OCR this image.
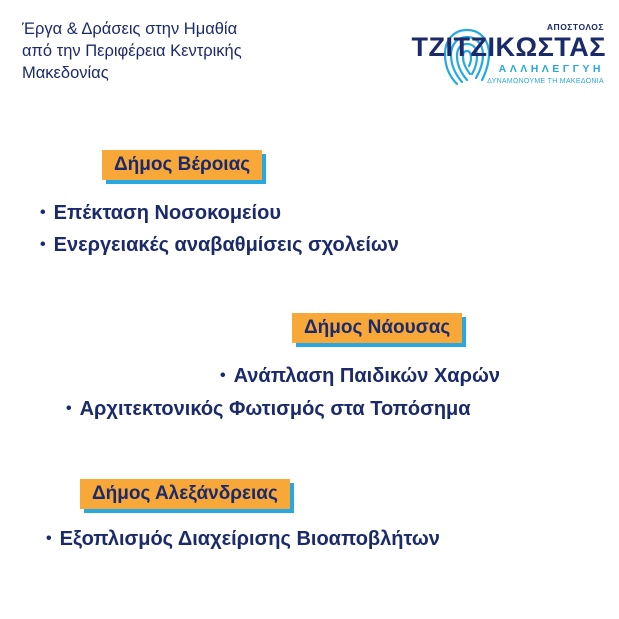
Έργα & Δράσεις στην Ημαθία
από την Περιφέρεια Κεντρικής
Μακεδονίας
ΑΠΟΣΤΟΛΟΣ
ΤΖΙΤΖΙΚΩΣΤΑΣ
ΑΛΛΗΛΕΓΓΥΗ
ΔΥΝΑΜΩΝΟΥΜΕ ΤΗ ΜΑΚΕΔΟΝΙΑ
Δήμος Βέροιας
• Επέκταση Νοσοκομείου
• Ενεργειακές αναβαθμίσεις σχολείων
Δήμος Νάουσας
• Ανάπλαση Παιδικών Χαρών
• Αρχιτεκτονικός Φωτισμός στα Τοπόσημα
Δήμος Αλεξάνδρειας
• Εξοπλισμός Διαχείρισης Βιοαποβλήτων
